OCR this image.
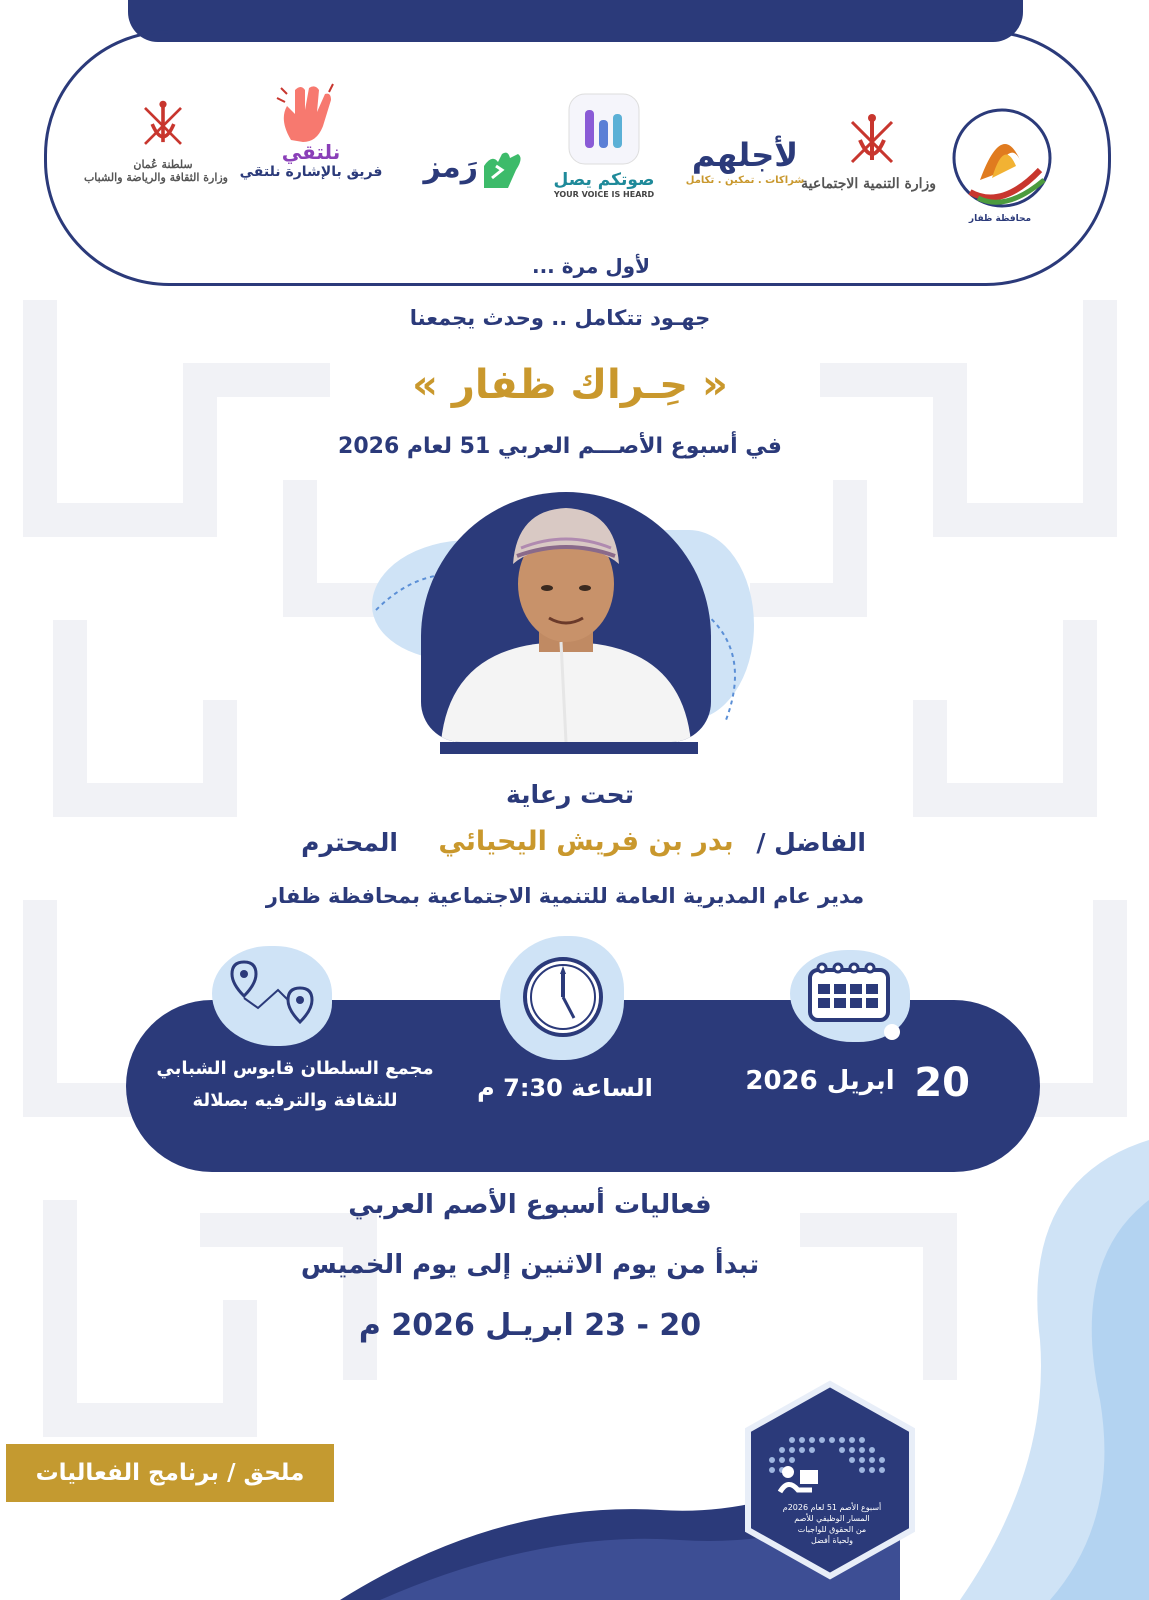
محافظة ظفار
وزارة التنمية الاجتماعية
لأجلهم
شراكات . تمكين . تكامل
صوتكم يصل
YOUR VOICE IS HEARD
رَمز
نلتقي
فريق بالإشارة نلتقي
سلطنة عُمان
وزارة الثقافة والرياضة والشباب
لأول مرة ...
جهـود تتكامل .. وحدث يجمعنا
« حِـراك ظفار »
في أسبوع الأصـــم العربي 51 لعام 2026
تحت رعاية
الفاضل /
بدر بن فريش اليحيائي
المحترم
مدير عام المديرية العامة للتنمية الاجتماعية بمحافظة ظفار
20
ابريل 2026
الساعة 7:30 م
مجمع السلطان قابوس الشبابي
للثقافة والترفيه بصلالة
فعاليات أسبوع الأصم العربي
تبدأ من يوم الاثنين إلى يوم الخميس
20 - 23 ابريـل 2026 م
أسبوع الأصم 51 لعام 2026م
المسار الوظيفي للأصم
من الحقوق للواجبات
ولحياة أفضل
ملحق / برنامج الفعاليات
